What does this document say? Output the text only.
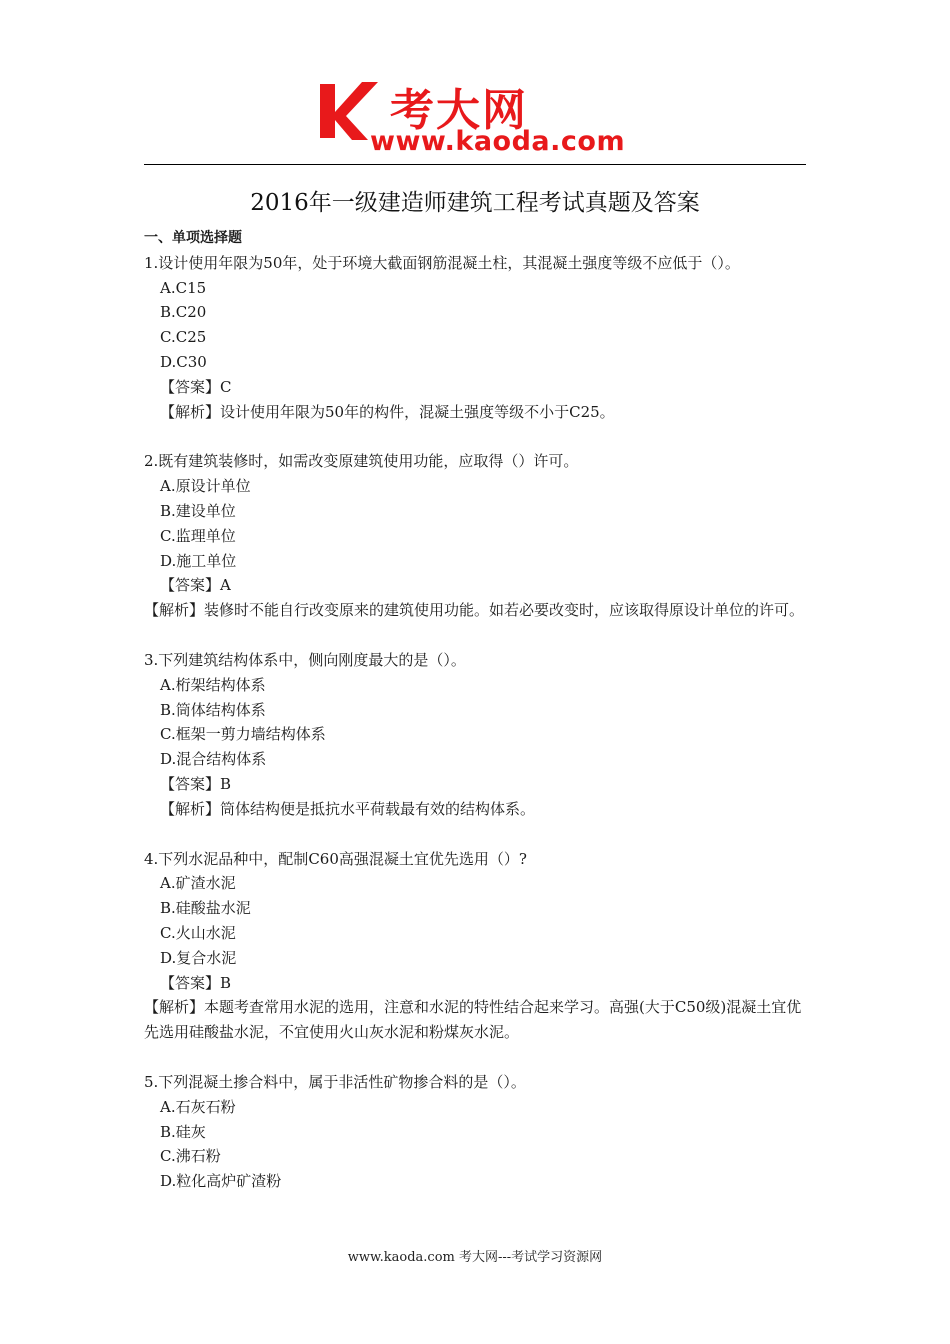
考大网
www.kaoda.com
2016年一级建造师建筑工程考试真题及答案
一、单项选择题
1.设计使用年限为50年，处于环境大截面钢筋混凝土柱，其混凝土强度等级不应低于（）。
A.C15
B.C20
C.C25
D.C30
【答案】C
【解析】设计使用年限为50年的构件，混凝土强度等级不小于C25。
2.既有建筑装修时，如需改变原建筑使用功能，应取得（）许可。
A.原设计单位
B.建设单位
C.监理单位
D.施工单位
【答案】A
【解析】装修时不能自行改变原来的建筑使用功能。如若必要改变时，应该取得原设计单位的许可。
3.下列建筑结构体系中，侧向刚度最大的是（）。
A.桁架结构体系
B.筒体结构体系
C.框架一剪力墙结构体系
D.混合结构体系
【答案】B
【解析】筒体结构便是抵抗水平荷载最有效的结构体系。
4.下列水泥品种中，配制C60高强混凝土宜优先选用（）?
A.矿渣水泥
B.硅酸盐水泥
C.火山水泥
D.复合水泥
【答案】B
【解析】本题考查常用水泥的选用，注意和水泥的特性结合起来学习。高强(大于C50级)混凝土宜优先选用硅酸盐水泥，不宜使用火山灰水泥和粉煤灰水泥。
5.下列混凝土掺合料中，属于非活性矿物掺合料的是（）。
A.石灰石粉
B.硅灰
C.沸石粉
D.粒化高炉矿渣粉
www.kaoda.com 考大网---考试学习资源网
